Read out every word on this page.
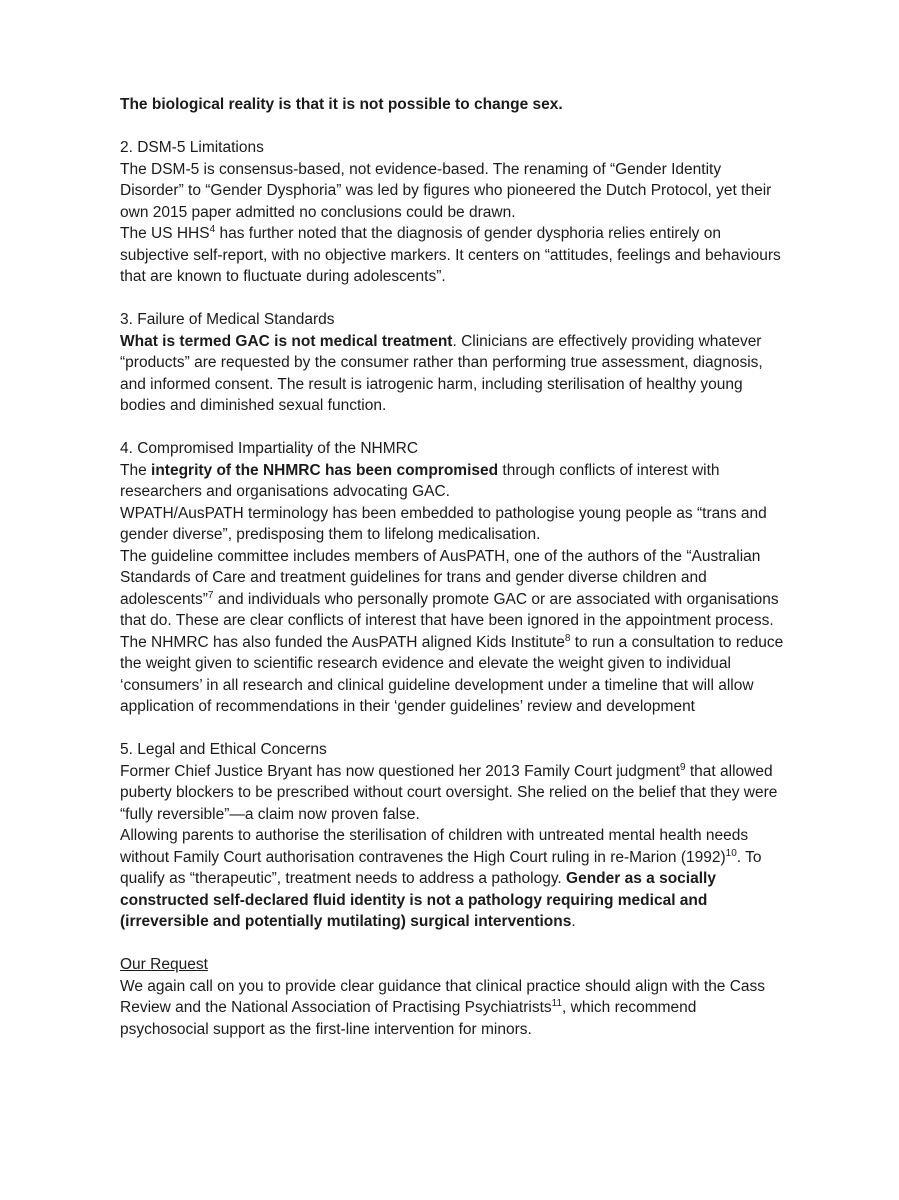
The biological reality is that it is not possible to change sex.
2. DSM-5 Limitations
The DSM-5 is consensus-based, not evidence-based. The renaming of “Gender Identity Disorder” to “Gender Dysphoria” was led by figures who pioneered the Dutch Protocol, yet their own 2015 paper admitted no conclusions could be drawn.
The US HHS$^4$ has further noted that the diagnosis of gender dysphoria relies entirely on subjective self-report, with no objective markers. It centers on “attitudes, feelings and behaviours that are known to fluctuate during adolescents”.
3. Failure of Medical Standards
What is termed GAC is not medical treatment. Clinicians are effectively providing whatever “products” are requested by the consumer rather than performing true assessment, diagnosis, and informed consent. The result is iatrogenic harm, including sterilisation of healthy young bodies and diminished sexual function.
4. Compromised Impartiality of the NHMRC
The integrity of the NHMRC has been compromised through conflicts of interest with researchers and organisations advocating GAC.
WPATH/AusPATH terminology has been embedded to pathologise young people as “trans and gender diverse”, predisposing them to lifelong medicalisation.
The guideline committee includes members of AusPATH, one of the authors of the “Australian Standards of Care and treatment guidelines for trans and gender diverse children and adolescents”$^7$ and individuals who personally promote GAC or are associated with organisations that do. These are clear conflicts of interest that have been ignored in the appointment process.
The NHMRC has also funded the AusPATH aligned Kids Institute$^8$ to run a consultation to reduce the weight given to scientific research evidence and elevate the weight given to individual ‘consumers’ in all research and clinical guideline development under a timeline that will allow application of recommendations in their ‘gender guidelines’ review and development
5. Legal and Ethical Concerns
Former Chief Justice Bryant has now questioned her 2013 Family Court judgment$^9$ that allowed puberty blockers to be prescribed without court oversight. She relied on the belief that they were “fully reversible”—a claim now proven false.
Allowing parents to authorise the sterilisation of children with untreated mental health needs without Family Court authorisation contravenes the High Court ruling in re-Marion $(1992)^{10}$. To qualify as “therapeutic”, treatment needs to address a pathology. Gender as a socially constructed self-declared fluid identity is not a pathology requiring medical and (irreversible and potentially mutilating) surgical interventions.
Our Request
We again call on you to provide clear guidance that clinical practice should align with the Cass Review and the National Association of Practising Psychiatrists$^{11}$, which recommend psychosocial support as the first-line intervention for minors.
